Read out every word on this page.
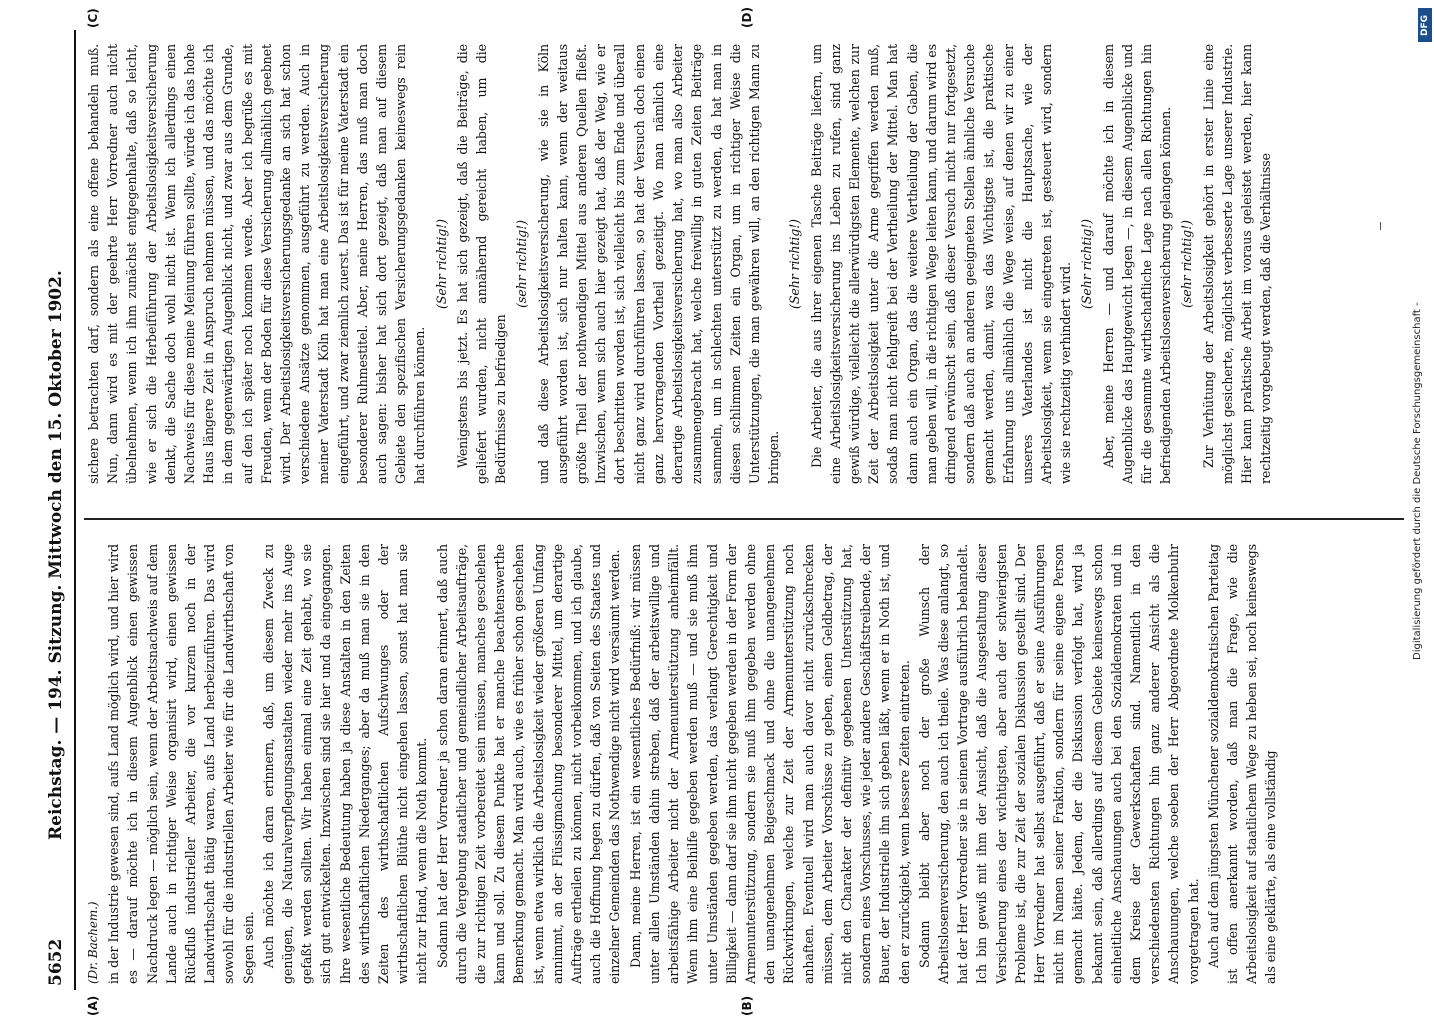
5652
Reichstag. — 194. Sitzung. Mittwoch den 15. Oktober 1902.
(A)	(B)
(C)	(D)

(Dr. Bachem.) in der Industrie gewesen sind, aufs Land möglich wird, und hier wird es — darauf möchte ich in diesem Augenblick einen gewissen Nachdruck legen — möglich sein, wenn der Arbeitsnachweis auf dem Lande auch in richtiger Weise organisirt wird, einen gewissen Rückfluß industrieller Arbeiter, die vor kurzem noch in der Landwirthschaft thätig waren, aufs Land herbeizuführen. Das wird sowohl für die industriellen Arbeiter wie für die Landwirthschaft von Segen sein. Auch möchte ich daran erinnern, daß, um diesem Zweck zu genügen, die Naturalverpflegungsanstalten wieder mehr ins Auge gefaßt werden sollten. Wir haben einmal eine Zeit gehabt, wo sie sich gut entwickelten. Inzwischen sind sie hier und da eingegangen. Ihre wesentliche Bedeutung haben ja diese Anstalten in den Zeiten des wirthschaftlichen Niederganges; aber da muß man sie in den Zeiten des wirthschaftlichen Aufschwunges oder der wirthschaftlichen Blüthe nicht eingehen lassen, sonst hat man sie nicht zur Hand, wenn die Noth kommt. Sodann hat der Herr Vorredner ja schon daran erinnert, daß auch durch die Vergebung staatlicher und gemeindlicher Arbeitsaufträge, die zur richtigen Zeit vorbereitet sein müssen, manches geschehen kann und soll. Zu diesem Punkte hat er manche beachtenswerthe Bemerkung gemacht. Man wird auch, wie es früher schon geschehen ist, wenn etwa wirklich die Arbeitslosigkeit wieder größeren Umfang annimmt, an der Flüssigmachung besonderer Mittel, um derartige Aufträge ertheilen zu können, nicht vorbeikommen, und ich glaube, auch die Hoffnung hegen zu dürfen, daß von Seiten des Staates und einzelner Gemeinden das Nothwendige nicht wird versäumt werden. Dann, meine Herren, ist ein wesentliches Bedürfniß: wir müssen unter allen Umständen dahin streben, daß der arbeitswillige und arbeitsfähige Arbeiter nicht der Armenunterstützung anheimfällt. Wenn ihm eine Beihilfe gegeben werden muß — und sie muß ihm unter Umständen gegeben werden, das verlangt Gerechtigkeit und Billigkeit — dann darf sie ihm nicht gegeben werden in der Form der Armenunterstützung, sondern sie muß ihm gegeben werden ohne den unangenehmen Beigeschmack und ohne die unangenehmen Rückwirkungen, welche zur Zeit der Armenunterstützung noch anhaften. Eventuell wird man auch davor nicht zurückschrecken müssen, dem Arbeiter Vorschüsse zu geben, einen Geldbetrag, der nicht den Charakter der definitiv gegebenen Unterstützung hat, sondern eines Vorschusses, wie jeder andere Geschäftstreibende, der Bauer, der Industrielle ihn sich geben läßt, wenn er in Noth ist, und den er zurückgiebt, wenn bessere Zeiten eintreten. Sodann bleibt aber noch der große Wunsch der Arbeitslosenversicherung, den auch ich theile. Was diese anlangt, so hat der Herr Vorredner sie in seinem Vortrage ausführlich behandelt. Ich bin gewiß mit ihm der Ansicht, daß die Ausgestaltung dieser Versicherung eines der wichtigsten, aber auch der schwierigsten Probleme ist, die zur Zeit der sozialen Diskussion gestellt sind. Der Herr Vorredner hat selbst ausgeführt, daß er seine Ausführungen nicht im Namen seiner Fraktion, sondern für seine eigene Person gemacht hätte. Jedem, der die Diskussion verfolgt hat, wird ja bekannt sein, daß allerdings auf diesem Gebiete keineswegs schon einheitliche Anschauungen auch bei den Sozialdemokraten und in dem Kreise der Gewerkschaften sind. Namentlich in den verschiedensten Richtungen hin ganz anderer Ansicht als die Anschauungen, welche soeben der Herr Abgeordnete Molkenbuhr vorgetragen hat. Auch auf dem jüngsten Münchener sozialdemokratischen Parteitag ist offen anerkannt worden, daß man die Frage, wie die Arbeitslosigkeit auf staatlichem Wege zu heben sei, noch keineswegs als eine geklärte, als eine vollständig

sichere betrachten darf, sondern als eine offene behandeln muß. Nun, dann wird es mit der geehrte Herr Vorredner auch nicht übelnehmen, wenn ich ihm zunächst entgegenhalte, daß so leicht, wie er sich die Herbeiführung der Arbeitslosigkeitsversicherung denkt, die Sache doch wohl nicht ist. Wenn ich allerdings einen Nachweis für diese meine Meinung führen sollte, würde ich das hohe Haus längere Zeit in Anspruch nehmen müssen, und das möchte ich in dem gegenwärtigen Augenblick nicht, und zwar aus dem Grunde, auf den ich später noch kommen werde. Aber ich begrüße es mit Freuden, wenn der Boden für diese Versicherung allmählich geebnet wird. Der Arbeitslosigkeitsversicherungsgedanke an sich hat schon verschiedene Ansätze genommen, ausgeführt zu werden. Auch in meiner Vaterstadt Köln hat man eine Arbeitslosigkeitsversicherung eingeführt, und zwar ziemlich zuerst. Das ist für meine Vaterstadt ein besonderer Ruhmestitel. Aber, meine Herren, das muß man doch auch sagen: bisher hat sich dort gezeigt, daß man auf diesem Gebiete den spezifischen Versicherungsgedanken keineswegs rein hat durchführen können.

(Sehr richtig!) Wenigstens bis jetzt. Es hat sich gezeigt, daß die Beiträge, die geliefert wurden, nicht annähernd gereicht haben, um die Bedürfnisse zu befriedigen

(sehr richtig!) und daß diese Arbeitslosigkeitsversicherung, wie sie in Köln ausgeführt worden ist, sich nur halten kann, wenn der weitaus größte Theil der nothwendigen Mittel aus anderen Quellen fließt. Inzwischen, wenn sich auch hier gezeigt hat, daß der Weg, wie er dort beschritten worden ist, sich vielleicht bis zum Ende und überall nicht ganz wird durchführen lassen, so hat der Versuch doch einen ganz hervorragenden Vortheil gezeitigt. Wo man nämlich eine derartige Arbeitslosigkeitsversicherung hat, wo man also Arbeiter zusammengebracht hat, welche freiwillig in guten Zeiten Beiträge sammeln, um in schlechten unterstützt zu werden, da hat man in diesen schlimmen Zeiten ein Organ, um in richtiger Weise die Unterstützungen, die man gewähren will, an den richtigen Mann zu bringen.

(Sehr richtig!) Die Arbeiter, die aus ihrer eigenen Tasche Beiträge liefern, um eine Arbeitslosigkeitsversicherung ins Leben zu rufen, sind ganz gewiß würdige, vielleicht die allerwürdigsten Elemente, welchen zur Zeit der Arbeitslosigkeit unter die Arme gegriffen werden muß, sodaß man nicht fehlgreift bei der Vertheilung der Mittel. Man hat dann auch ein Organ, das die weitere Vertheilung der Gaben, die man geben will, in die richtigen Wege leiten kann, und darum wird es dringend erwünscht sein, daß dieser Versuch nicht nur fortgesetzt, sondern daß auch an anderen geeigneten Stellen ähnliche Versuche gemacht werden, damit, was das Wichtigste ist, die praktische Erfahrung uns allmählich die Wege weise, auf denen wir zu einer unseres Vaterlandes ist nicht die Hauptsache, wie der Arbeitslosigkeit, wenn sie eingetreten ist, gesteuert wird, sondern wie sie rechtzeitig verhindert wird. (Sehr richtig!) Aber, meine Herren — und darauf möchte ich in diesem Augenblicke das Hauptgewicht legen —, in diesem Augenblicke und für die gesammte wirthschaftliche Lage nach allen Richtungen hin befriedigenden Arbeitslosenversicherung gelangen können. (sehr richtig!) Zur Verhütung der Arbeitslosigkeit gehört in erster Linie eine möglichst gesicherte, möglichst verbesserte Lage unserer Industrie. Hier kann praktische Arbeit im voraus geleistet werden, hier kann rechtzeitig vorgebeugt werden, daß die Verhältnisse	Digitalisierung gefördert durch die Deutsche Forschungsgemeinschaft -
DFG
